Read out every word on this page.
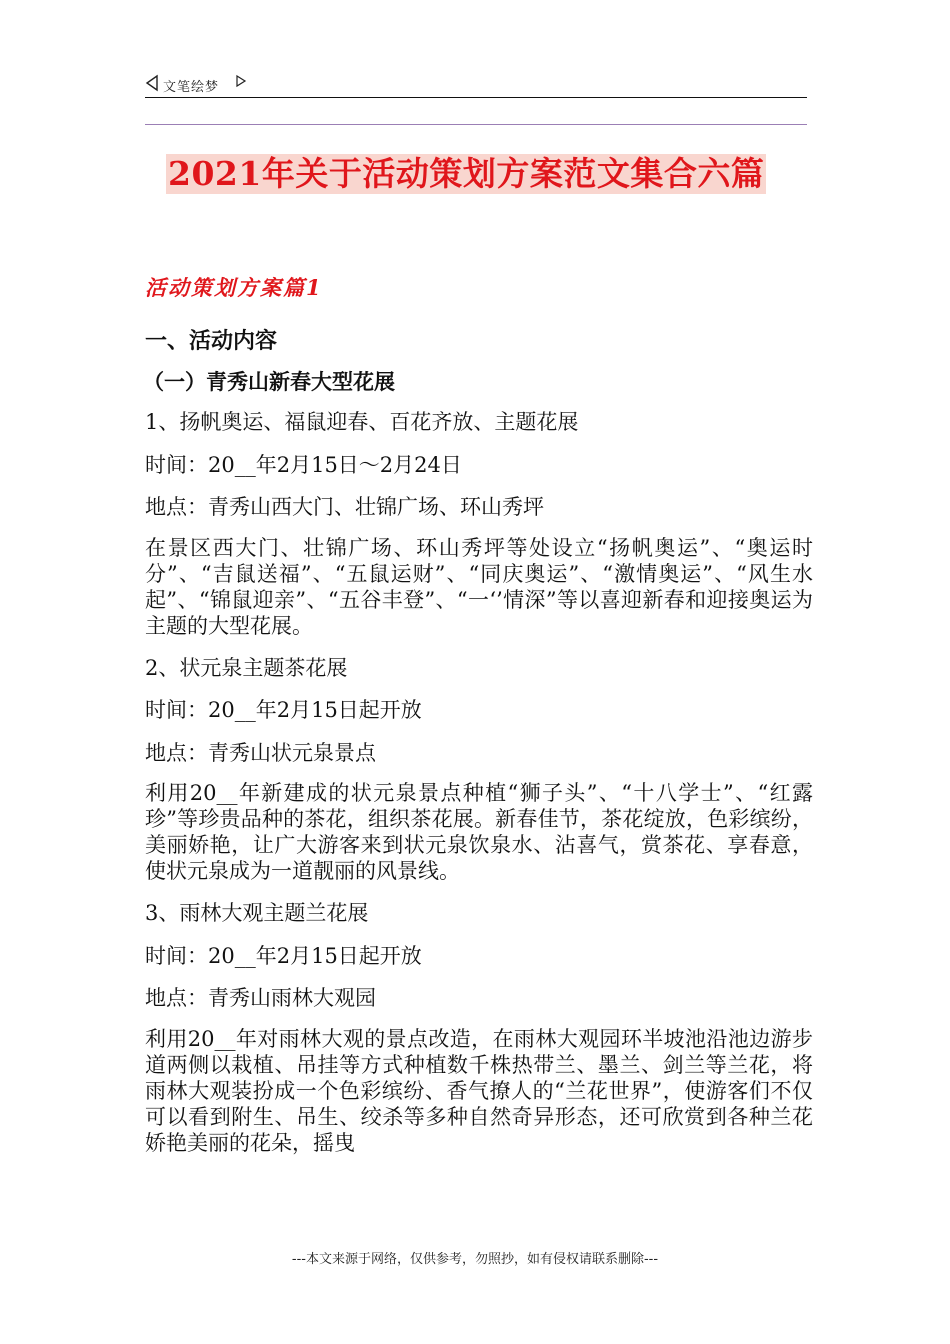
文笔绘梦
2021年关于活动策划方案范文集合六篇
活动策划方案篇1
一、活动内容
（一）青秀山新春大型花展
1、扬帆奥运、福鼠迎春、百花齐放、主题花展
时间：20__年2月15日～2月24日
地点：青秀山西大门、壮锦广场、环山秀坪
在景区西大门、壮锦广场、环山秀坪等处设立“扬帆奥运”、“奥运时分”、“吉鼠送福”、“五鼠运财”、“同庆奥运”、“激情奥运”、“风生水起”、“锦鼠迎亲”、“五谷丰登”、“一‘’情深”等以喜迎新春和迎接奥运为主题的大型花展。
2、状元泉主题茶花展
时间：20__年2月15日起开放
地点：青秀山状元泉景点
利用20__年新建成的状元泉景点种植“狮子头”、“十八学士”、“红露珍”等珍贵品种的茶花，组织茶花展。新春佳节，茶花绽放，色彩缤纷，美丽娇艳，让广大游客来到状元泉饮泉水、沾喜气，赏茶花、享春意，使状元泉成为一道靓丽的风景线。
3、雨林大观主题兰花展
时间：20__年2月15日起开放
地点：青秀山雨林大观园
利用20__年对雨林大观的景点改造，在雨林大观园环半坡池沿池边游步道两侧以栽植、吊挂等方式种植数千株热带兰、墨兰、剑兰等兰花，将雨林大观装扮成一个色彩缤纷、香气撩人的“兰花世界”，使游客们不仅可以看到附生、吊生、绞杀等多种自然奇异形态，还可欣赏到各种兰花娇艳美丽的花朵，摇曳
---本文来源于网络，仅供参考，勿照抄，如有侵权请联系删除---
